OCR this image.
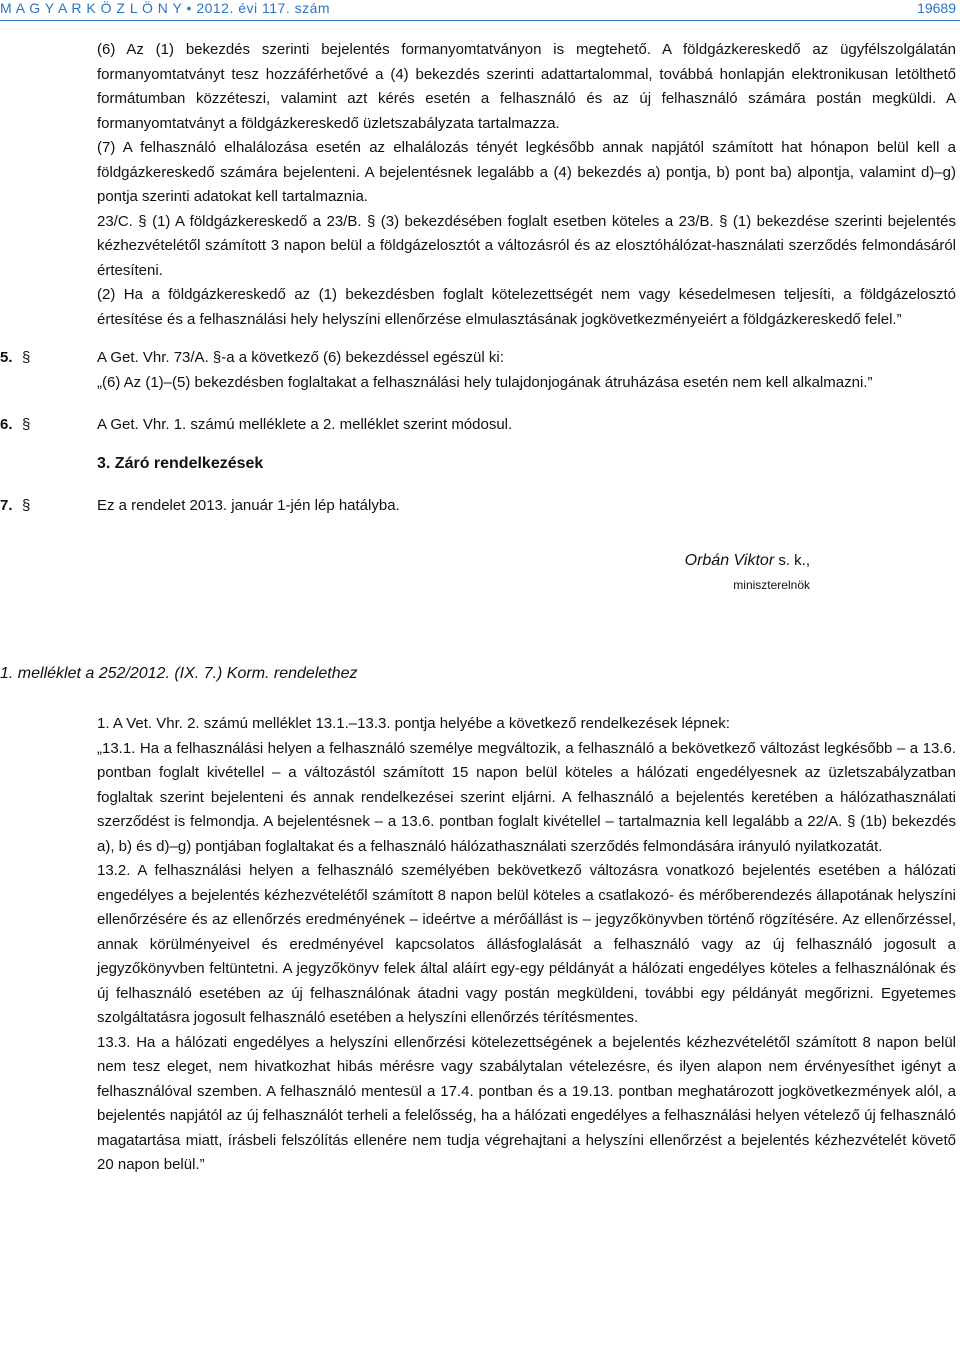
M A G Y A R K Ö Z L Ö N Y • 2012. évi 117. szám	19689

(6) Az (1) bekezdés szerinti bejelentés formanyomtatványon is megtehető. A földgázkereskedő az ügyfélszolgálatán formanyomtatványt tesz hozzáférhetővé a (4) bekezdés szerinti adattartalommal, továbbá honlapján elektronikusan letölthető formátumban közzéteszi, valamint azt kérés esetén a felhasználó és az új felhasználó számára postán megküldi. A formanyomtatványt a földgázkereskedő üzletszabályzata tartalmazza.

(7) A felhasználó elhalálozása esetén az elhalálozás tényét legkésőbb annak napjától számított hat hónapon belül kell a földgázkereskedő számára bejelenteni. A bejelentésnek legalább a (4) bekezdés a) pontja, b) pont ba) alpontja, valamint d)–g) pontja szerinti adatokat kell tartalmaznia.

23/C. § (1) A földgázkereskedő a 23/B. § (3) bekezdésében foglalt esetben köteles a 23/B. § (1) bekezdése szerinti bejelentés kézhezvételétől számított 3 napon belül a földgázelosztót a változásról és az elosztóhálózat-használati szerződés felmondásáról értesíteni.

(2) Ha a földgázkereskedő az (1) bekezdésben foglalt kötelezettségét nem vagy késedelmesen teljesíti, a földgázelosztó értesítése és a felhasználási hely helyszíni ellenőrzése elmulasztásának jogkövetkezményeiért a földgázkereskedő felel.”

5. §	A Get. Vhr. 73/A. §-a a következő (6) bekezdéssel egészül ki:

„(6) Az (1)–(5) bekezdésben foglaltakat a felhasználási hely tulajdonjogának átruházása esetén nem kell alkalmazni.”

6. §	A Get. Vhr. 1. számú melléklete a 2. melléklet szerint módosul.

3. Záró rendelkezések
7. §	Ez a rendelet 2013. január 1-jén lép hatályba.

Orbán Viktor s. k.,
miniszterelnök
1. melléklet a 252/2012. (IX. 7.) Korm. rendelethez

1. A Vet. Vhr. 2. számú melléklet 13.1.–13.3. pontja helyébe a következő rendelkezések lépnek:

„13.1. Ha a felhasználási helyen a felhasználó személye megváltozik, a felhasználó a bekövetkező változást legkésőbb – a 13.6. pontban foglalt kivétellel – a változástól számított 15 napon belül köteles a hálózati engedélyesnek az üzletszabályzatban foglaltak szerint bejelenteni és annak rendelkezései szerint eljárni. A felhasználó a bejelentés keretében a hálózathasználati szerződést is felmondja. A bejelentésnek – a 13.6. pontban foglalt kivétellel – tartalmaznia kell legalább a 22/A. § (1b) bekezdés a), b) és d)–g) pontjában foglaltakat és a felhasználó hálózathasználati szerződés felmondására irányuló nyilatkozatát.

13.2. A felhasználási helyen a felhasználó személyében bekövetkező változásra vonatkozó bejelentés esetében a hálózati engedélyes a bejelentés kézhezvételétől számított 8 napon belül köteles a csatlakozó- és mérőberendezés állapotának helyszíni ellenőrzésére és az ellenőrzés eredményének – ideértve a mérőállást is – jegyzőkönyvben történő rögzítésére. Az ellenőrzéssel, annak körülményeivel és eredményével kapcsolatos állásfoglalását a felhasználó vagy az új felhasználó jogosult a jegyzőkönyvben feltüntetni. A jegyzőkönyv felek által aláírt egy-egy példányát a hálózati engedélyes köteles a felhasználónak és új felhasználó esetében az új felhasználónak átadni vagy postán megküldeni, további egy példányát megőrizni. Egyetemes szolgáltatásra jogosult felhasználó esetében a helyszíni ellenőrzés térítésmentes.

13.3. Ha a hálózati engedélyes a helyszíni ellenőrzési kötelezettségének a bejelentés kézhezvételétől számított 8 napon belül nem tesz eleget, nem hivatkozhat hibás mérésre vagy szabálytalan vételezésre, és ilyen alapon nem érvényesíthet igényt a felhasználóval szemben. A felhasználó mentesül a 17.4. pontban és a 19.13. pontban meghatározott jogkövetkezmények alól, a bejelentés napjától az új felhasználót terheli a felelősség, ha a hálózati engedélyes a felhasználási helyen vételező új felhasználó magatartása miatt, írásbeli felszólítás ellenére nem tudja végrehajtani a helyszíni ellenőrzést a bejelentés kézhezvételét követő 20 napon belül.”
